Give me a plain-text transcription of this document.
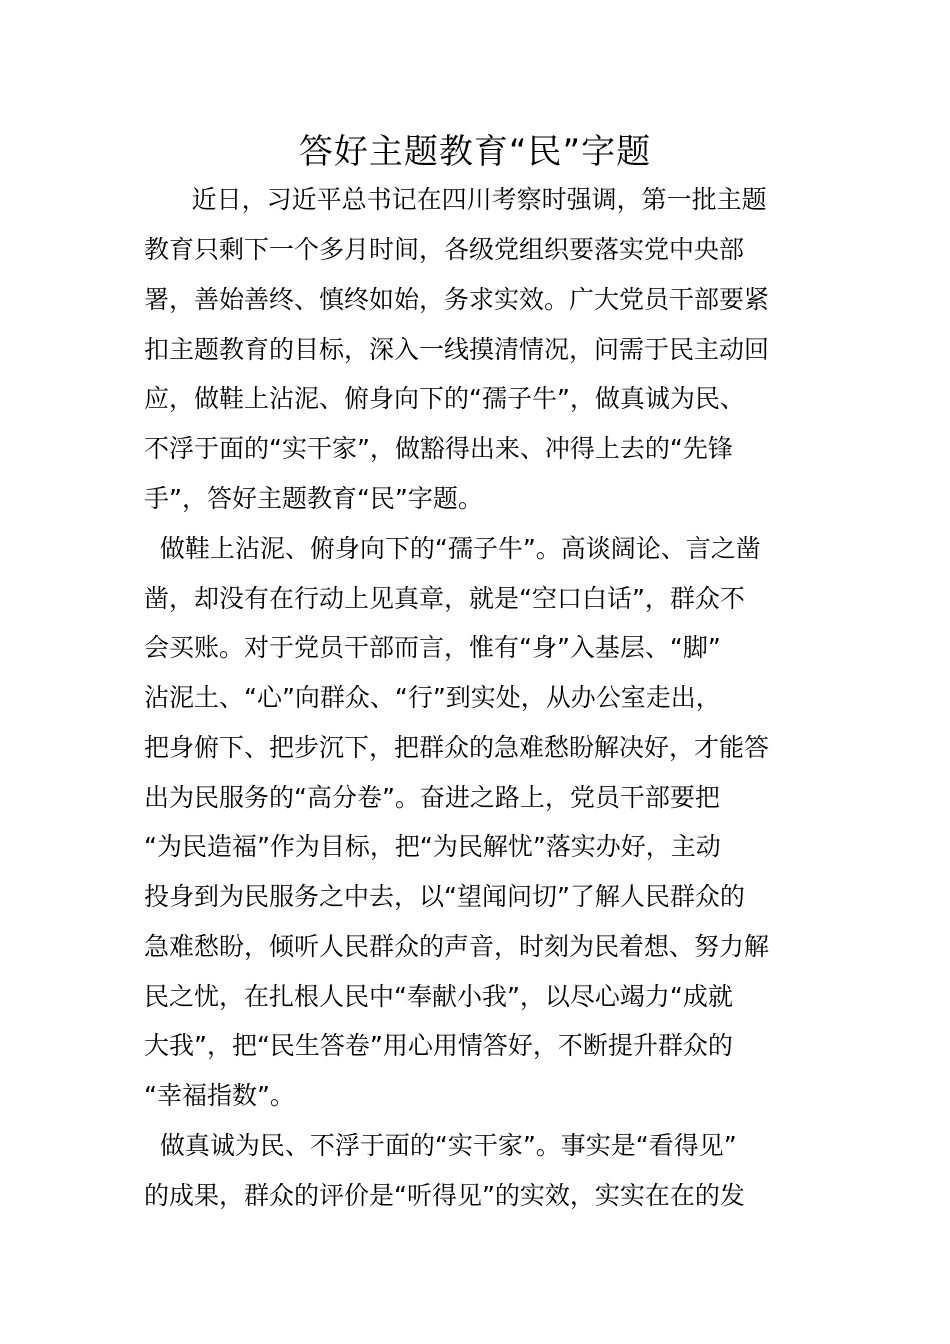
答好主题教育“民”字题

近日，习近平总书记在四川考察时强调，第一批主题

教育只剩下一个多月时间，各级党组织要落实党中央部

署，善始善终、慎终如始，务求实效。广大党员干部要紧

扣主题教育的目标，深入一线摸清情况，问需于民主动回

应，做鞋上沾泥、俯身向下的“孺子牛”，做真诚为民、

不浮于面的“实干家”，做豁得出来、冲得上去的“先锋

手”，答好主题教育“民”字题。

做鞋上沾泥、俯身向下的“孺子牛”。高谈阔论、言之凿

凿，却没有在行动上见真章，就是“空口白话”，群众不

会买账。对于党员干部而言，惟有“身”入基层、“脚”

沾泥土、“心”向群众、“行”到实处，从办公室走出，

把身俯下、把步沉下，把群众的急难愁盼解决好，才能答

出为民服务的“高分卷”。奋进之路上，党员干部要把

“为民造福”作为目标，把“为民解忧”落实办好，主动

投身到为民服务之中去，以“望闻问切”了解人民群众的

急难愁盼，倾听人民群众的声音，时刻为民着想、努力解

民之忧，在扎根人民中“奉献小我”，以尽心竭力“成就

大我”，把“民生答卷”用心用情答好，不断提升群众的

“幸福指数”。

做真诚为民、不浮于面的“实干家”。事实是“看得见”

的成果，群众的评价是“听得见”的实效，实实在在的发
